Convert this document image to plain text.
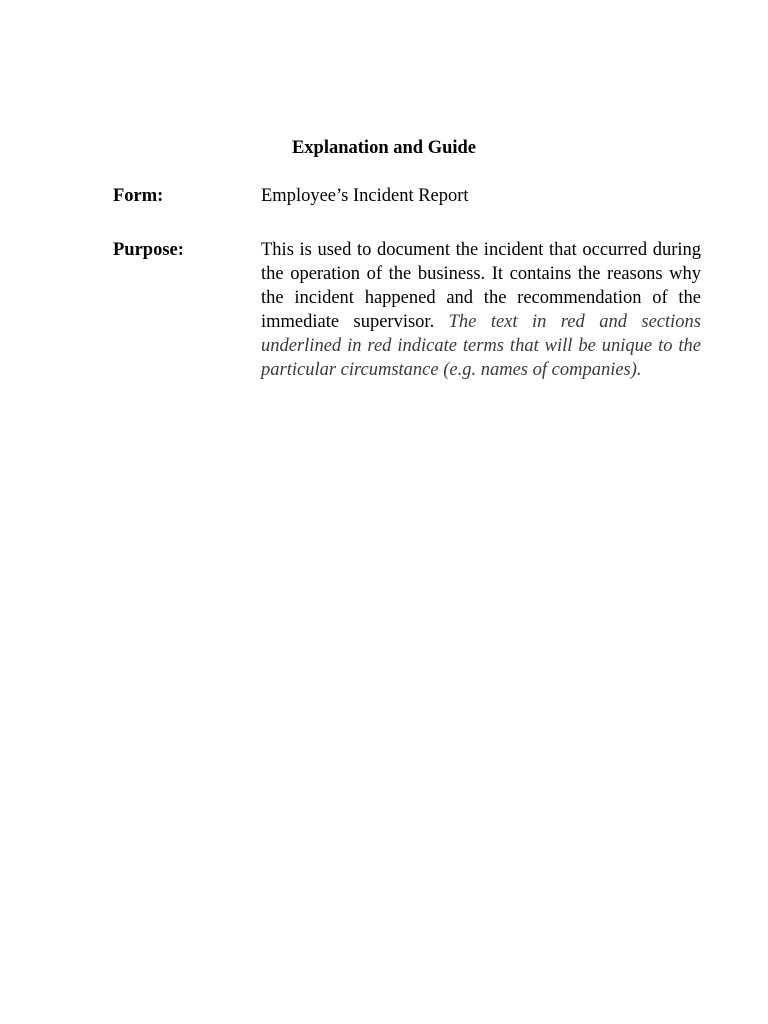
Explanation and Guide
Form:	Employee’s Incident Report
Purpose:	This is used to document the incident that occurred during the operation of the business. It contains the reasons why the incident happened and the recommendation of the immediate supervisor. The text in red and sections underlined in red indicate terms that will be unique to the particular circumstance (e.g. names of companies).
